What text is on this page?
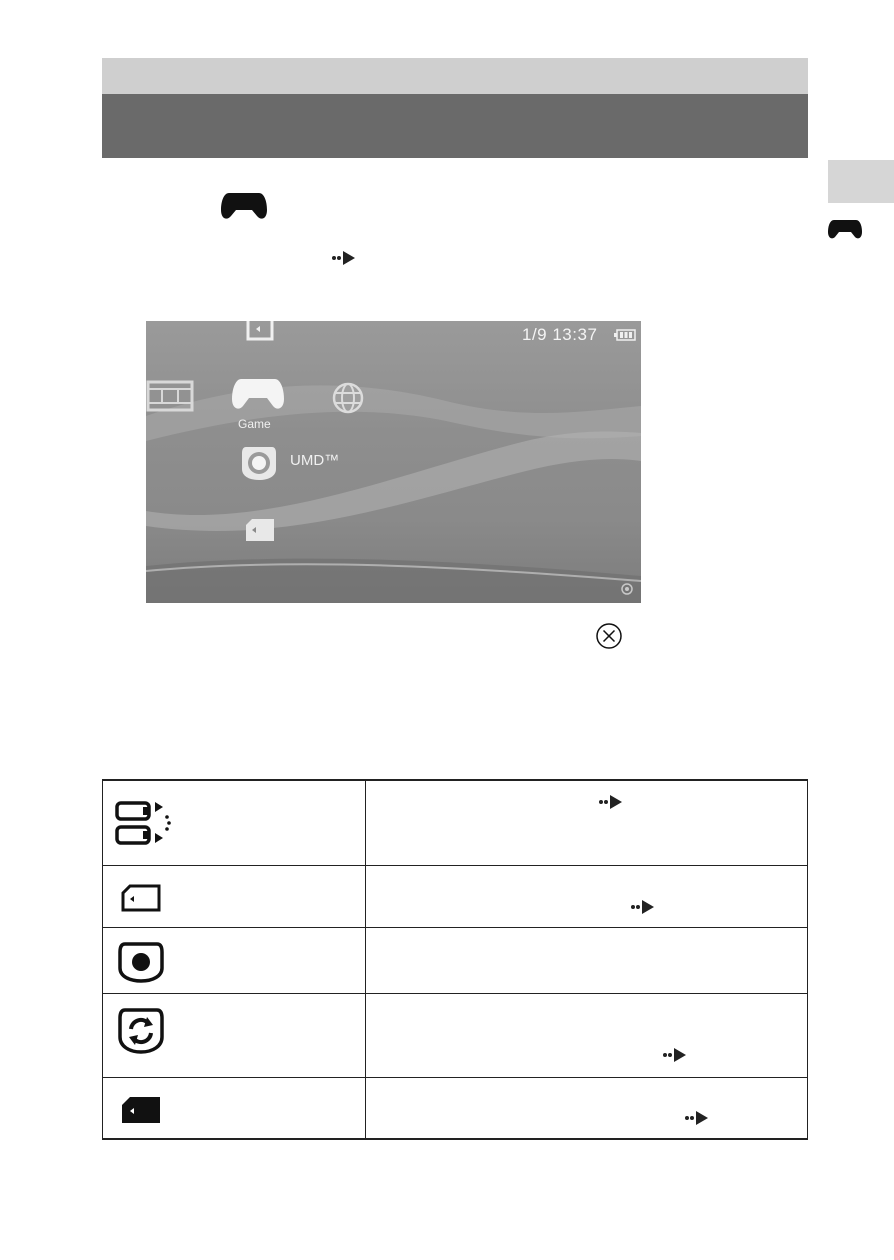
1/9 13:37
Game
UMD™
